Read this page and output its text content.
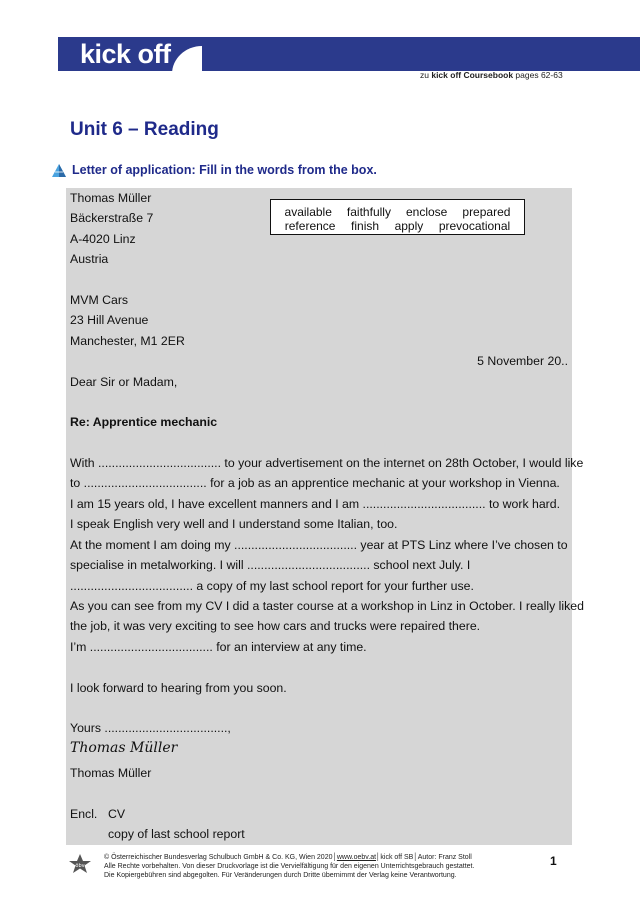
kick off
zu kick off Coursebook pages 62-63
Unit 6 – Reading
Letter of application: Fill in the words from the box.
Thomas Müller
Bäckerstraße 7
A-4020 Linz
Austria
available faithfully enclose prepared
reference finish apply prevocational
MVM Cars
23 Hill Avenue
Manchester, M1 2ER
5 November 20..
Dear Sir or Madam,
Re: Apprentice mechanic
With .................................... to your advertisement on the internet on 28th October, I would like
to .................................... for a job as an apprentice mechanic at your workshop in Vienna.
I am 15 years old, I have excellent manners and I am .................................... to work hard.
I speak English very well and I understand some Italian, too.
At the moment I am doing my .................................... year at PTS Linz where I’ve chosen to
specialise in metalworking. I will .................................... school next July. I
.................................... a copy of my last school report for your further use.
As you can see from my CV I did a taster course at a workshop in Linz in October. I really liked
the job, it was very exciting to see how cars and trucks were repaired there.
I’m .................................... for an interview at any time.
I look forward to hearing from you soon.
Yours ....................................,
Thomas Müller
Thomas Müller
Encl. CV
copy of last school report
öbv
© Österreichischer Bundesverlag Schulbuch GmbH & Co. KG, Wien 2020│www.oebv.at│kick off SB│Autor: Franz Stoll
Alle Rechte vorbehalten. Von dieser Druckvorlage ist die Vervielfältigung für den eigenen Unterrichtsgebrauch gestattet.
Die Kopiergebühren sind abgegolten. Für Veränderungen durch Dritte übernimmt der Verlag keine Verantwortung.
1
